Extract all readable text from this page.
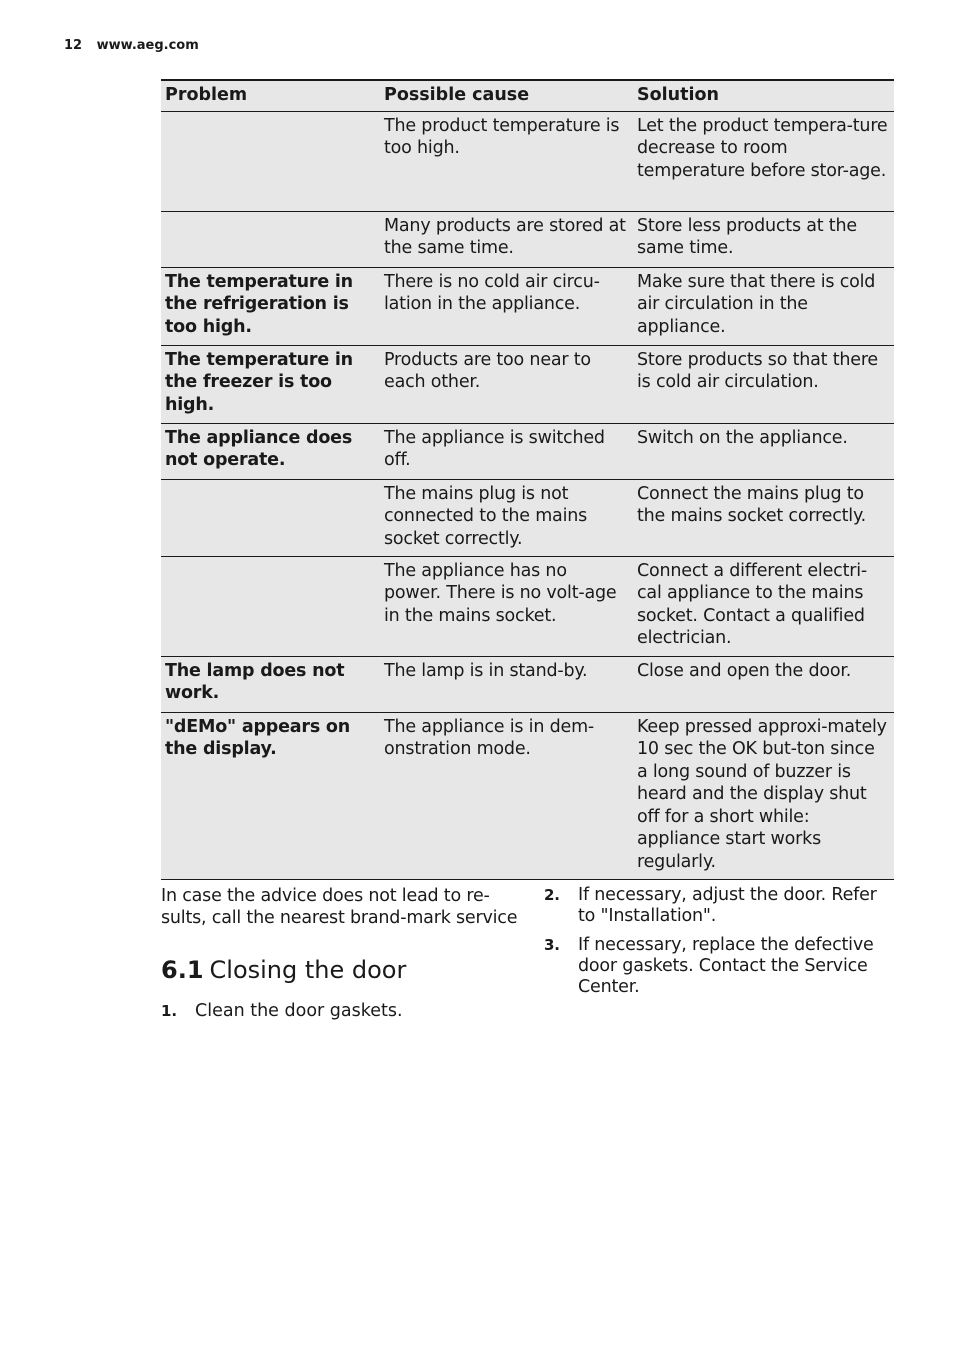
12 www.aeg.com
Problem	Possible cause	Solution
	The product temperature is too high.	Let the product tempera-ture decrease to room temperature before stor-age.
	Many products are stored at the same time.	Store less products at the same time.
The temperature in the refrigeration is too high.	There is no cold air circu-lation in the appliance.	Make sure that there is cold air circulation in the appliance.
The temperature in the freezer is too high.	Products are too near to each other.	Store products so that there is cold air circulation.
The appliance does not operate.	The appliance is switched off.	Switch on the appliance.
	The mains plug is not connected to the mains socket correctly.	Connect the mains plug to the mains socket correctly.
	The appliance has no power. There is no volt-age in the mains socket.	Connect a different electri-cal appliance to the mains socket. Contact a qualified electrician.
The lamp does not work.	The lamp is in stand-by.	Close and open the door.
"dEMo" appears on the display.	The appliance is in dem-onstration mode.	Keep pressed approxi-mately 10 sec the OK but-ton since a long sound of buzzer is heard and the display shut off for a short while: appliance start works regularly.

In case the advice does not lead to re-sults, call the nearest brand-mark service

6.1 Closing the door
1.	Clean the door gaskets.
2.	If necessary, adjust the door. Refer to "Installation".
3.	If necessary, replace the defective door gaskets. Contact the Service Center.
